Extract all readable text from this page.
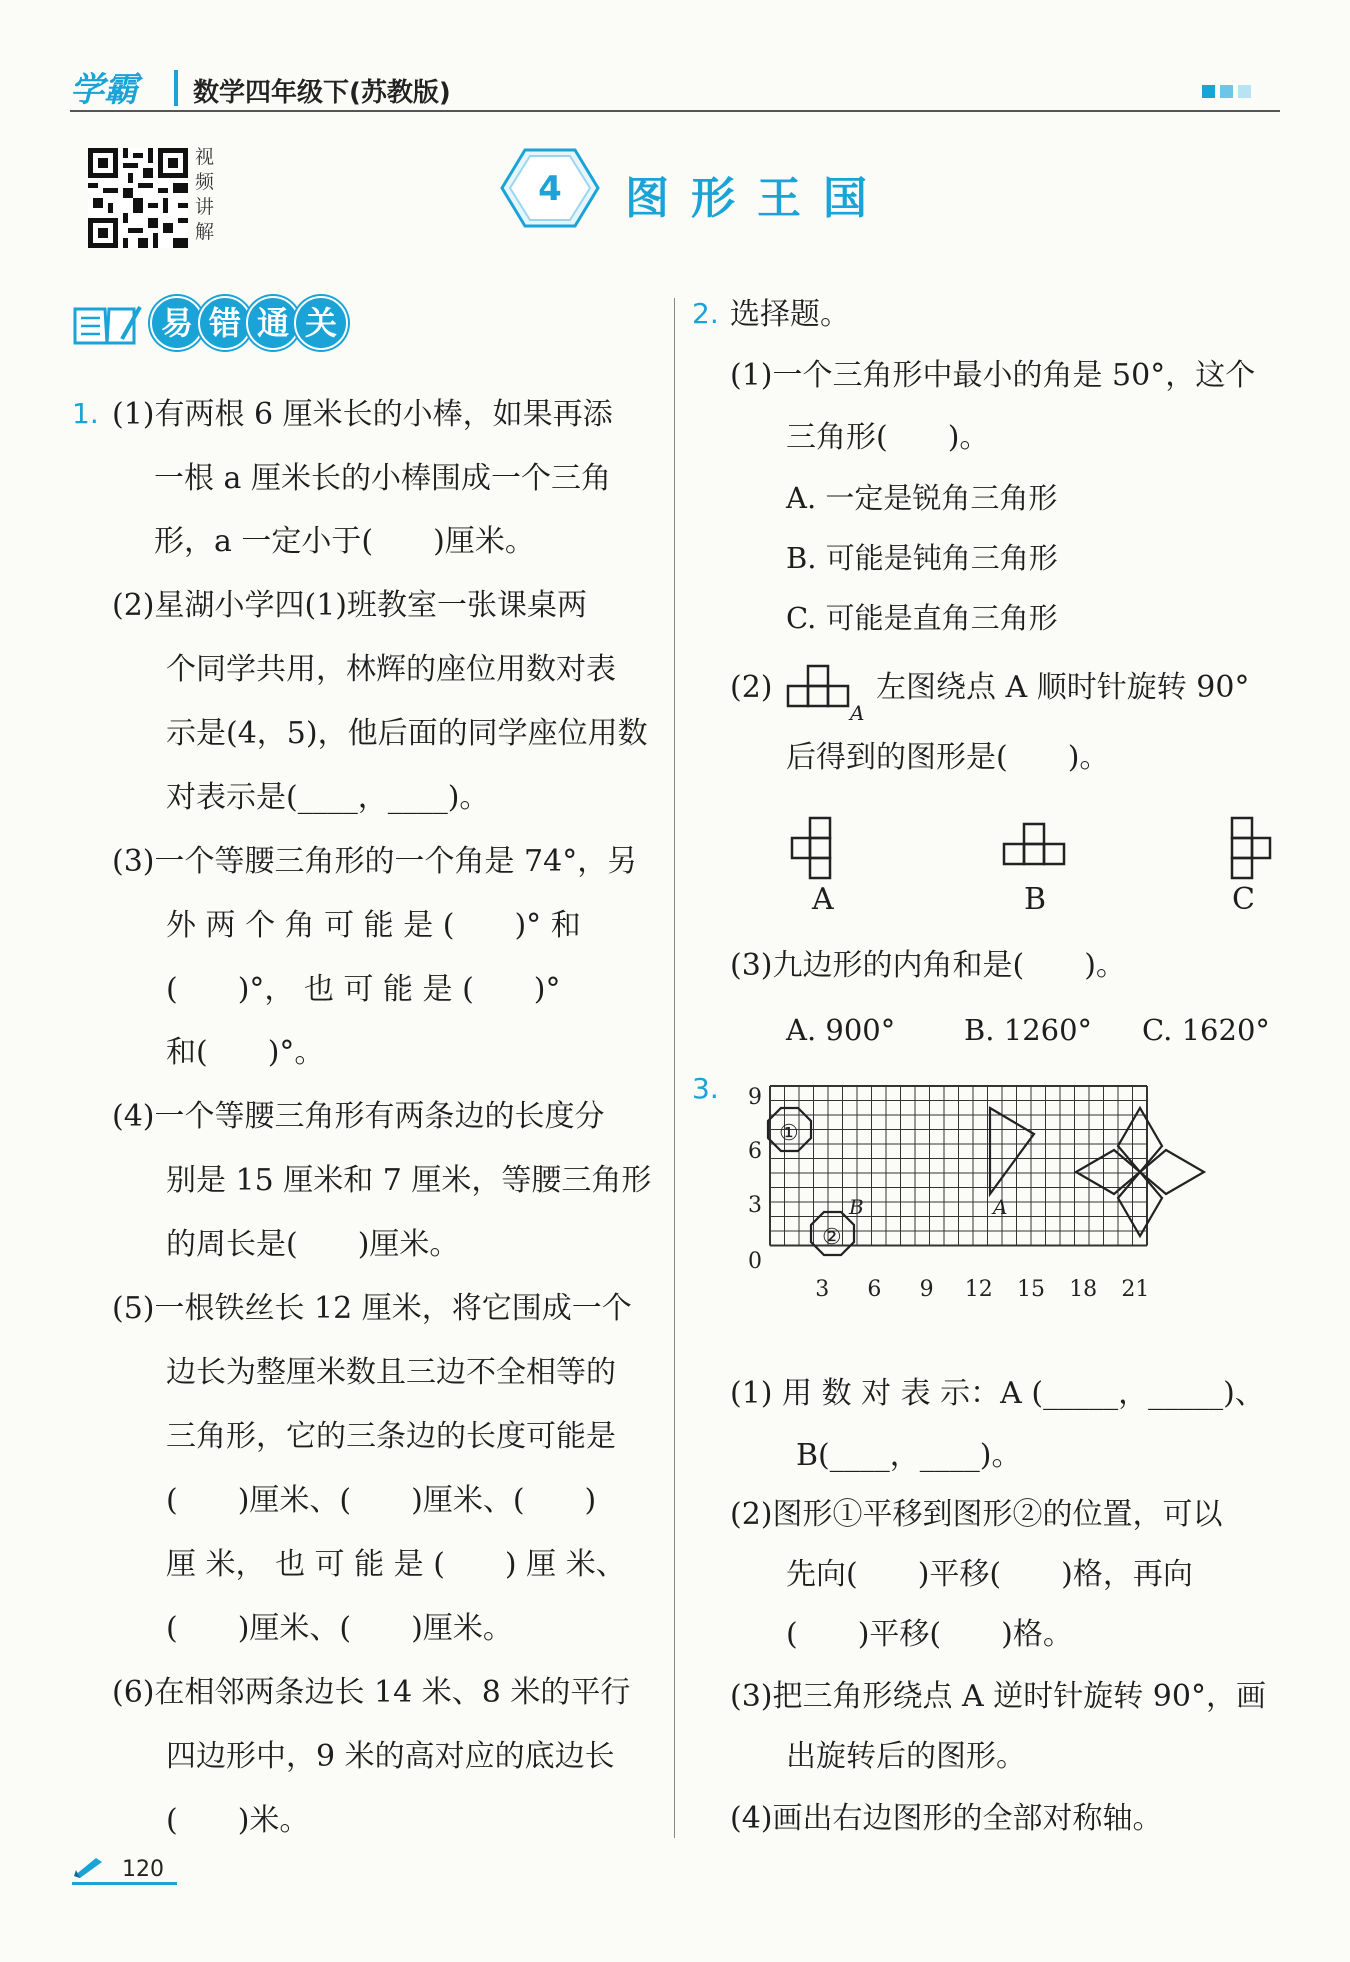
学霸 数学四年级下(苏教版)
视
频
讲
解
4 图形王国
易 错 通 关
1. (1)有两根 6 厘米长的小棒，如果再添
一根 a 厘米长的小棒围成一个三角
形，a 一定小于(　　)厘米。
(2)星湖小学四(1)班教室一张课桌两
个同学共用，林辉的座位用数对表
示是(4，5)，他后面的同学座位用数
对表示是(____，____)。
(3)一个等腰三角形的一个角是 74°，另
外 两 个 角 可 能 是 (　　)° 和
(　　)°， 也 可 能 是 (　　)°
和(　　)°。
(4)一个等腰三角形有两条边的长度分
别是 15 厘米和 7 厘米，等腰三角形
的周长是(　　)厘米。
(5)一根铁丝长 12 厘米，将它围成一个
边长为整厘米数且三边不全相等的
三角形，它的三条边的长度可能是
(　　)厘米、(　　)厘米、(　　)
厘 米， 也 可 能 是 (　　) 厘 米、
(　　)厘米、(　　)厘米。
(6)在相邻两条边长 14 米、8 米的平行
四边形中，9 米的高对应的底边长
(　　)米。
2. 选择题。
(1)一个三角形中最小的角是 50°，这个
三角形(　　)。
A. 一定是锐角三角形
B. 可能是钝角三角形
C. 可能是直角三角形
(2)
A
左图绕点 A 顺时针旋转 90°
后得到的图形是(　　)。
A	B	C
(3)九边形的内角和是(　　)。
A. 900° B. 1260° C. 1620°
3.
①
②
A
B
9
6
3
0
3 6 9 12 15 18 21
(1) 用 数 对 表 示：A (_____，_____)、
B(____，____)。
(2)图形①平移到图形②的位置，可以
先向(　　)平移(　　)格，再向
(　　)平移(　　)格。
(3)把三角形绕点 A 逆时针旋转 90°，画
出旋转后的图形。
(4)画出右边图形的全部对称轴。
120
